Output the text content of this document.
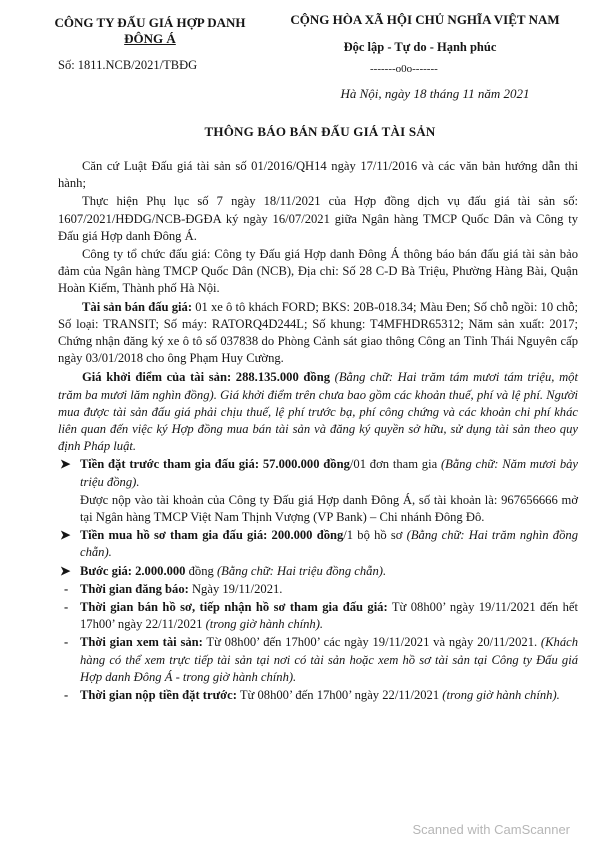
CÔNG TY ĐẤU GIÁ HỢP DANH
ĐÔNG Á
Số: 1811.NCB/2021/TBĐG
CỘNG HÒA XÃ HỘI CHỦ NGHĨA VIỆT NAM
Độc lập - Tự do - Hạnh phúc
-------o0o-------
Hà Nội, ngày 18 tháng 11 năm 2021
THÔNG BÁO BÁN ĐẤU GIÁ TÀI SẢN

Căn cứ Luật Đấu giá tài sản số 01/2016/QH14 ngày 17/11/2016 và các văn bản hướng dẫn thi hành;

Thực hiện Phụ lục số 7 ngày 18/11/2021 của Hợp đồng dịch vụ đấu giá tài sản số: 1607/2021/HĐDG/NCB-ĐGĐA ký ngày 16/07/2021 giữa Ngân hàng TMCP Quốc Dân và Công ty Đấu giá Hợp danh Đông Á.

Công ty tổ chức đấu giá: Công ty Đấu giá Hợp danh Đông Á thông báo bán đấu giá tài sản bảo đảm của Ngân hàng TMCP Quốc Dân (NCB), Địa chỉ: Số 28 C-D Bà Triệu, Phường Hàng Bài, Quận Hoàn Kiếm, Thành phố Hà Nội.

Tài sản bán đấu giá: 01 xe ô tô khách FORD; BKS: 20B-018.34; Màu Đen; Số chỗ ngồi: 10 chỗ; Số loại: TRANSIT; Số máy: RATORQ4D244L; Số khung: T4MFHDR65312; Năm sản xuất: 2017; Chứng nhận đăng ký xe ô tô số 037838 do Phòng Cảnh sát giao thông Công an Tỉnh Thái Nguyên cấp ngày 03/01/2018 cho ông Phạm Huy Cường.

Giá khởi điểm của tài sản: 288.135.000 đồng (Bằng chữ: Hai trăm tám mươi tám triệu, một trăm ba mươi lăm nghìn đồng). Giá khởi điểm trên chưa bao gồm các khoản thuế, phí và lệ phí. Người mua được tài sản đấu giá phải chịu thuế, lệ phí trước bạ, phí công chứng và các khoản chi phí khác liên quan đến việc ký Hợp đồng mua bán tài sản và đăng ký quyền sở hữu, sử dụng tài sản theo quy định Pháp luật.

➤ Tiền đặt trước tham gia đấu giá: 57.000.000 đồng/01 đơn tham gia (Bằng chữ: Năm mươi bảy triệu đồng).
Được nộp vào tài khoản của Công ty Đấu giá Hợp danh Đông Á, số tài khoản là: 967656666 mở tại Ngân hàng TMCP Việt Nam Thịnh Vượng (VP Bank) – Chi nhánh Đông Đô.
➤ Tiền mua hồ sơ tham gia đấu giá: 200.000 đồng/1 bộ hồ sơ (Bằng chữ: Hai trăm nghìn đồng chẵn).
➤ Bước giá: 2.000.000 đồng (Bằng chữ: Hai triệu đồng chẵn).
- Thời gian đăng báo: Ngày 19/11/2021.
- Thời gian bán hồ sơ, tiếp nhận hồ sơ tham gia đấu giá: Từ 08h00’ ngày 19/11/2021 đến hết 17h00’ ngày 22/11/2021 (trong giờ hành chính).
- Thời gian xem tài sản: Từ 08h00’ đến 17h00’ các ngày 19/11/2021 và ngày 20/11/2021. (Khách hàng có thể xem trực tiếp tài sản tại nơi có tài sản hoặc xem hồ sơ tài sản tại Công ty Đấu giá Hợp danh Đông Á - trong giờ hành chính).
- Thời gian nộp tiền đặt trước: Từ 08h00’ đến 17h00’ ngày 22/11/2021 (trong giờ hành chính).
Scanned with CamScanner
